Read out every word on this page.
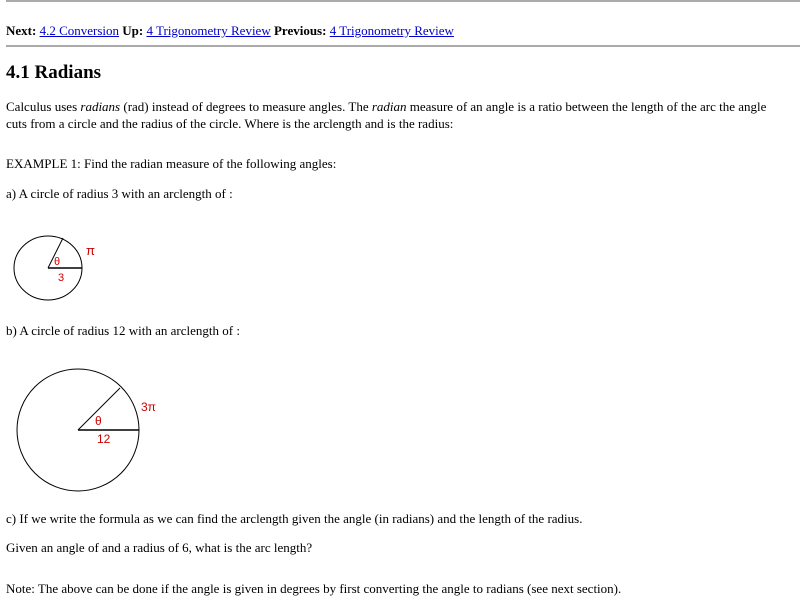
Next: 4.2 Conversion Up: 4 Trigonometry Review Previous: 4 Trigonometry Review
4.1 Radians
Calculus uses radians (rad) instead of degrees to measure angles. The radian measure of an angle is a ratio between the length of the arc the angle cuts from a circle and the radius of the circle. Where is the arclength and is the radius:
EXAMPLE 1: Find the radian measure of the following angles:
a) A circle of radius 3 with an arclength of :
π
θ
3
b) A circle of radius 12 with an arclength of :
3π
θ
12
c) If we write the formula as we can find the arclength given the angle (in radians) and the length of the radius.
Given an angle of and a radius of 6, what is the arc length?
Note: The above can be done if the angle is given in degrees by first converting the angle to radians (see next section).
